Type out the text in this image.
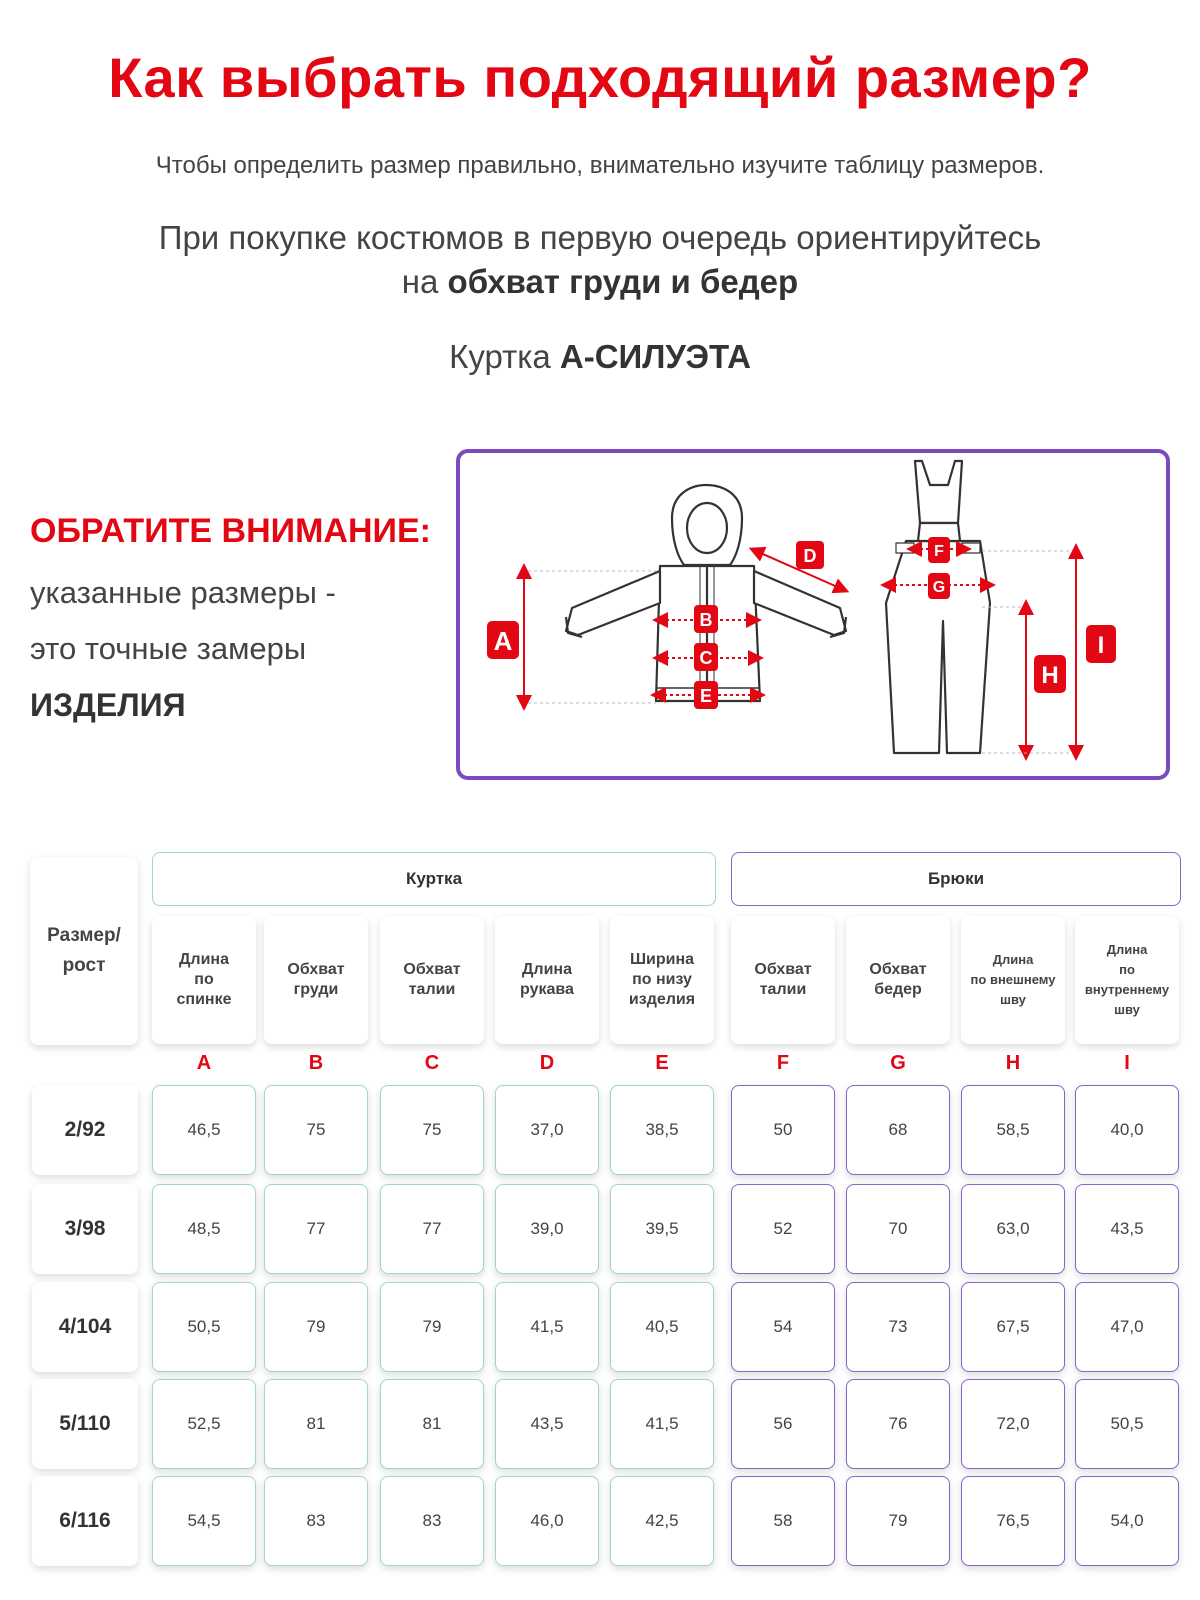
Как выбрать подходящий размер?
Чтобы определить размер правильно, внимательно изучите таблицу размеров.
При покупке костюмов в первую очередь ориентируйтесь
на обхват груди и бедер
Куртка А-СИЛУЭТА
ОБРАТИТЕ ВНИМАНИЕ:
указанные размеры -
это точные замеры
ИЗДЕЛИЯ
A
B
C
D
E
F
G
H
I
Размер/
рост
Куртка	Брюки
Длина
по
спинке
A
Обхват
груди
B
Обхват
талии
C
Длина
рукава
D
Ширина
по низу
изделия
E
Обхват
талии
F
Обхват
бедер
G
Длина
по внешнему
шву
H
Длина
по
внутреннему
шву
I
2/92	46,5	75	75	37,0	38,5	50	68	58,5	40,0
3/98	48,5	77	77	39,0	39,5	52	70	63,0	43,5
4/104	50,5	79	79	41,5	40,5	54	73	67,5	47,0
5/110	52,5	81	81	43,5	41,5	56	76	72,0	50,5
6/116	54,5	83	83	46,0	42,5	58	79	76,5	54,0
